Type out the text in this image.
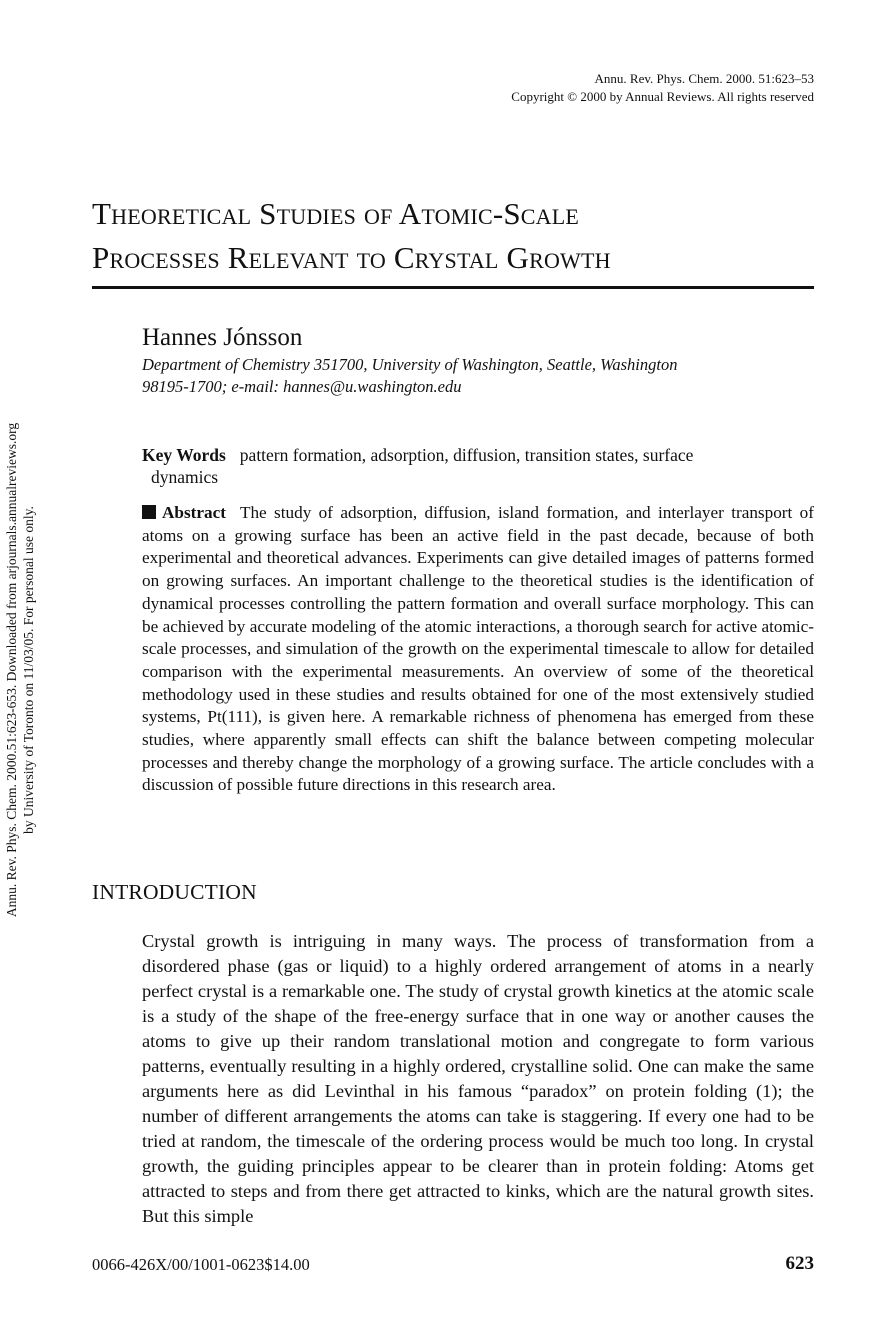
Annu. Rev. Phys. Chem. 2000. 51:623–53
Copyright © 2000 by Annual Reviews. All rights reserved
Theoretical Studies of Atomic-Scale
Processes Relevant to Crystal Growth
Hannes Jónsson
Department of Chemistry 351700, University of Washington, Seattle, Washington
98195-1700; e-mail: hannes@u.washington.edu
Key Words pattern formation, adsorption, diffusion, transition states, surface
dynamics
Abstract The study of adsorption, diffusion, island formation, and interlayer transport of atoms on a growing surface has been an active field in the past decade, because of both experimental and theoretical advances. Experiments can give detailed images of patterns formed on growing surfaces. An important challenge to the theoretical studies is the identification of dynamical processes controlling the pattern formation and overall surface morphology. This can be achieved by accurate modeling of the atomic interactions, a thorough search for active atomic-scale processes, and simulation of the growth on the experimental timescale to allow for detailed comparison with the experimental measurements. An overview of some of the theoretical methodology used in these studies and results obtained for one of the most extensively studied systems, Pt(111), is given here. A remarkable richness of phenomena has emerged from these studies, where apparently small effects can shift the balance between competing molecular processes and thereby change the morphology of a growing surface. The article concludes with a discussion of possible future directions in this research area.
INTRODUCTION
Crystal growth is intriguing in many ways. The process of transformation from a disordered phase (gas or liquid) to a highly ordered arrangement of atoms in a nearly perfect crystal is a remarkable one. The study of crystal growth kinetics at the atomic scale is a study of the shape of the free-energy surface that in one way or another causes the atoms to give up their random translational motion and congregate to form various patterns, eventually resulting in a highly ordered, crystalline solid. One can make the same arguments here as did Levinthal in his famous “paradox” on protein folding (1); the number of different arrangements the atoms can take is staggering. If every one had to be tried at random, the timescale of the ordering process would be much too long. In crystal growth, the guiding principles appear to be clearer than in protein folding: Atoms get attracted to steps and from there get attracted to kinks, which are the natural growth sites. But this simple
0066-426X/00/1001-0623$14.00	623
Annu. Rev. Phys. Chem. 2000.51:623-653. Downloaded from arjournals.annualreviews.org by University of Toronto on 11/03/05. For personal use only.
